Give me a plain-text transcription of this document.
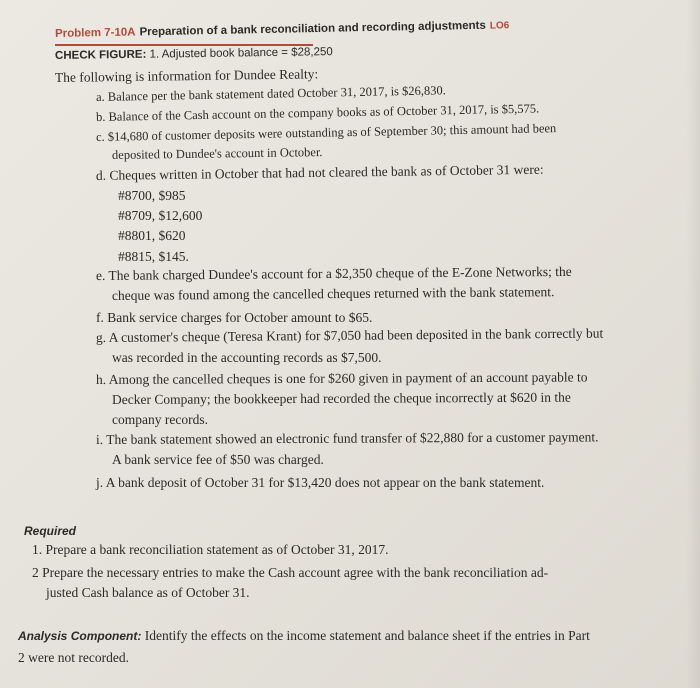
Problem 7-10A Preparation of a bank reconciliation and recording adjustments LO6
CHECK FIGURE: 1. Adjusted book balance = $28,250
The following is information for Dundee Realty:
a. Balance per the bank statement dated October 31, 2017, is $26,830.
b. Balance of the Cash account on the company books as of October 31, 2017, is $5,575.
c. $14,680 of customer deposits were outstanding as of September 30; this amount had been
deposited to Dundee's account in October.
d. Cheques written in October that had not cleared the bank as of October 31 were:
#8700, $985
#8709, $12,600
#8801, $620
#8815, $145.
e. The bank charged Dundee's account for a $2,350 cheque of the E-Zone Networks; the
cheque was found among the cancelled cheques returned with the bank statement.
f. Bank service charges for October amount to $65.
g. A customer's cheque (Teresa Krant) for $7,050 had been deposited in the bank correctly but
was recorded in the accounting records as $7,500.
h. Among the cancelled cheques is one for $260 given in payment of an account payable to
Decker Company; the bookkeeper had recorded the cheque incorrectly at $620 in the
company records.
i. The bank statement showed an electronic fund transfer of $22,880 for a customer payment.
A bank service fee of $50 was charged.
j. A bank deposit of October 31 for $13,420 does not appear on the bank statement.
Required
1. Prepare a bank reconciliation statement as of October 31, 2017.
2 Prepare the necessary entries to make the Cash account agree with the bank reconciliation ad-
justed Cash balance as of October 31.
Analysis Component: Identify the effects on the income statement and balance sheet if the entries in Part
2 were not recorded.
